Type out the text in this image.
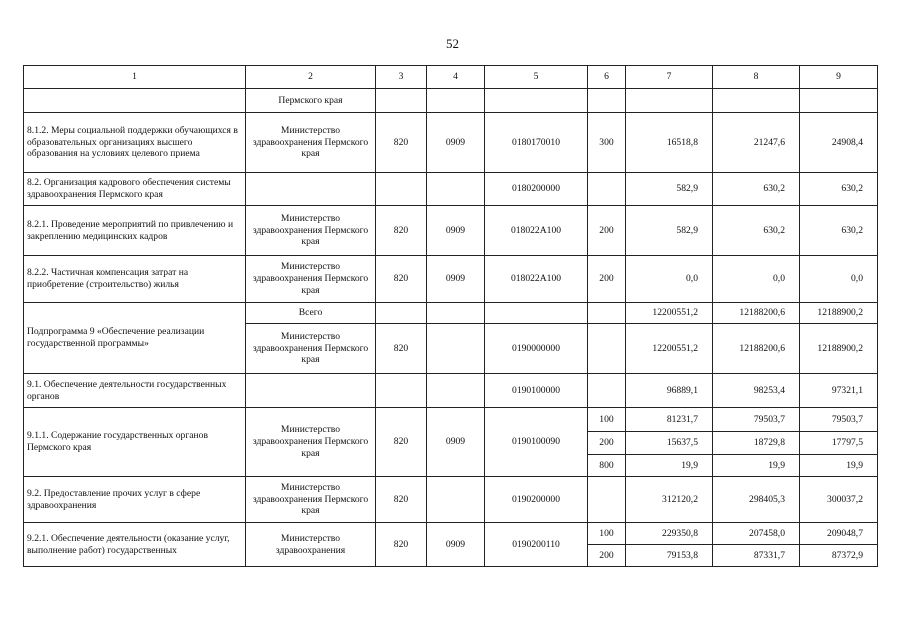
52
1	2	3	4	5	6	7	8	9
	Пермского края							
8.1.2. Меры социальной поддержки обучающихся в образовательных организациях высшего образования на условиях целевого приема	Министерство здравоохранения Пермского края	820	0909	0180170010	300	16518,8	21247,6	24908,4
8.2. Организация кадрового обеспечения системы здравоохранения Пермского края				0180200000		582,9	630,2	630,2
8.2.1. Проведение мероприятий по привлечению и закреплению медицинских кадров	Министерство здравоохранения Пермского края	820	0909	018022А100	200	582,9	630,2	630,2
8.2.2. Частичная компенсация затрат на приобретение (строительство) жилья	Министерство здравоохранения Пермского края	820	0909	018022А100	200	0,0	0,0	0,0
Подпрограмма 9 «Обеспечение реализации государственной программы»	Всего					12200551,2	12188200,6	12188900,2
	Министерство здравоохранения Пермского края	820		0190000000		12200551,2	12188200,6	12188900,2
9.1. Обеспечение деятельности государственных органов				0190100000		96889,1	98253,4	97321,1
9.1.1. Содержание государственных органов Пермского края	Министерство здравоохранения Пермского края	820	0909	0190100090	100	81231,7	79503,7	79503,7
					200	15637,5	18729,8	17797,5
					800	19,9	19,9	19,9
9.2. Предоставление прочих услуг в сфере здравоохранения	Министерство здравоохранения Пермского края	820		0190200000		312120,2	298405,3	300037,2
9.2.1. Обеспечение деятельности (оказание услуг, выполнение работ) государственных	Министерство здравоохранения	820	0909	0190200110	100	229350,8	207458,0	209048,7
					200	79153,8	87331,7	87372,9
